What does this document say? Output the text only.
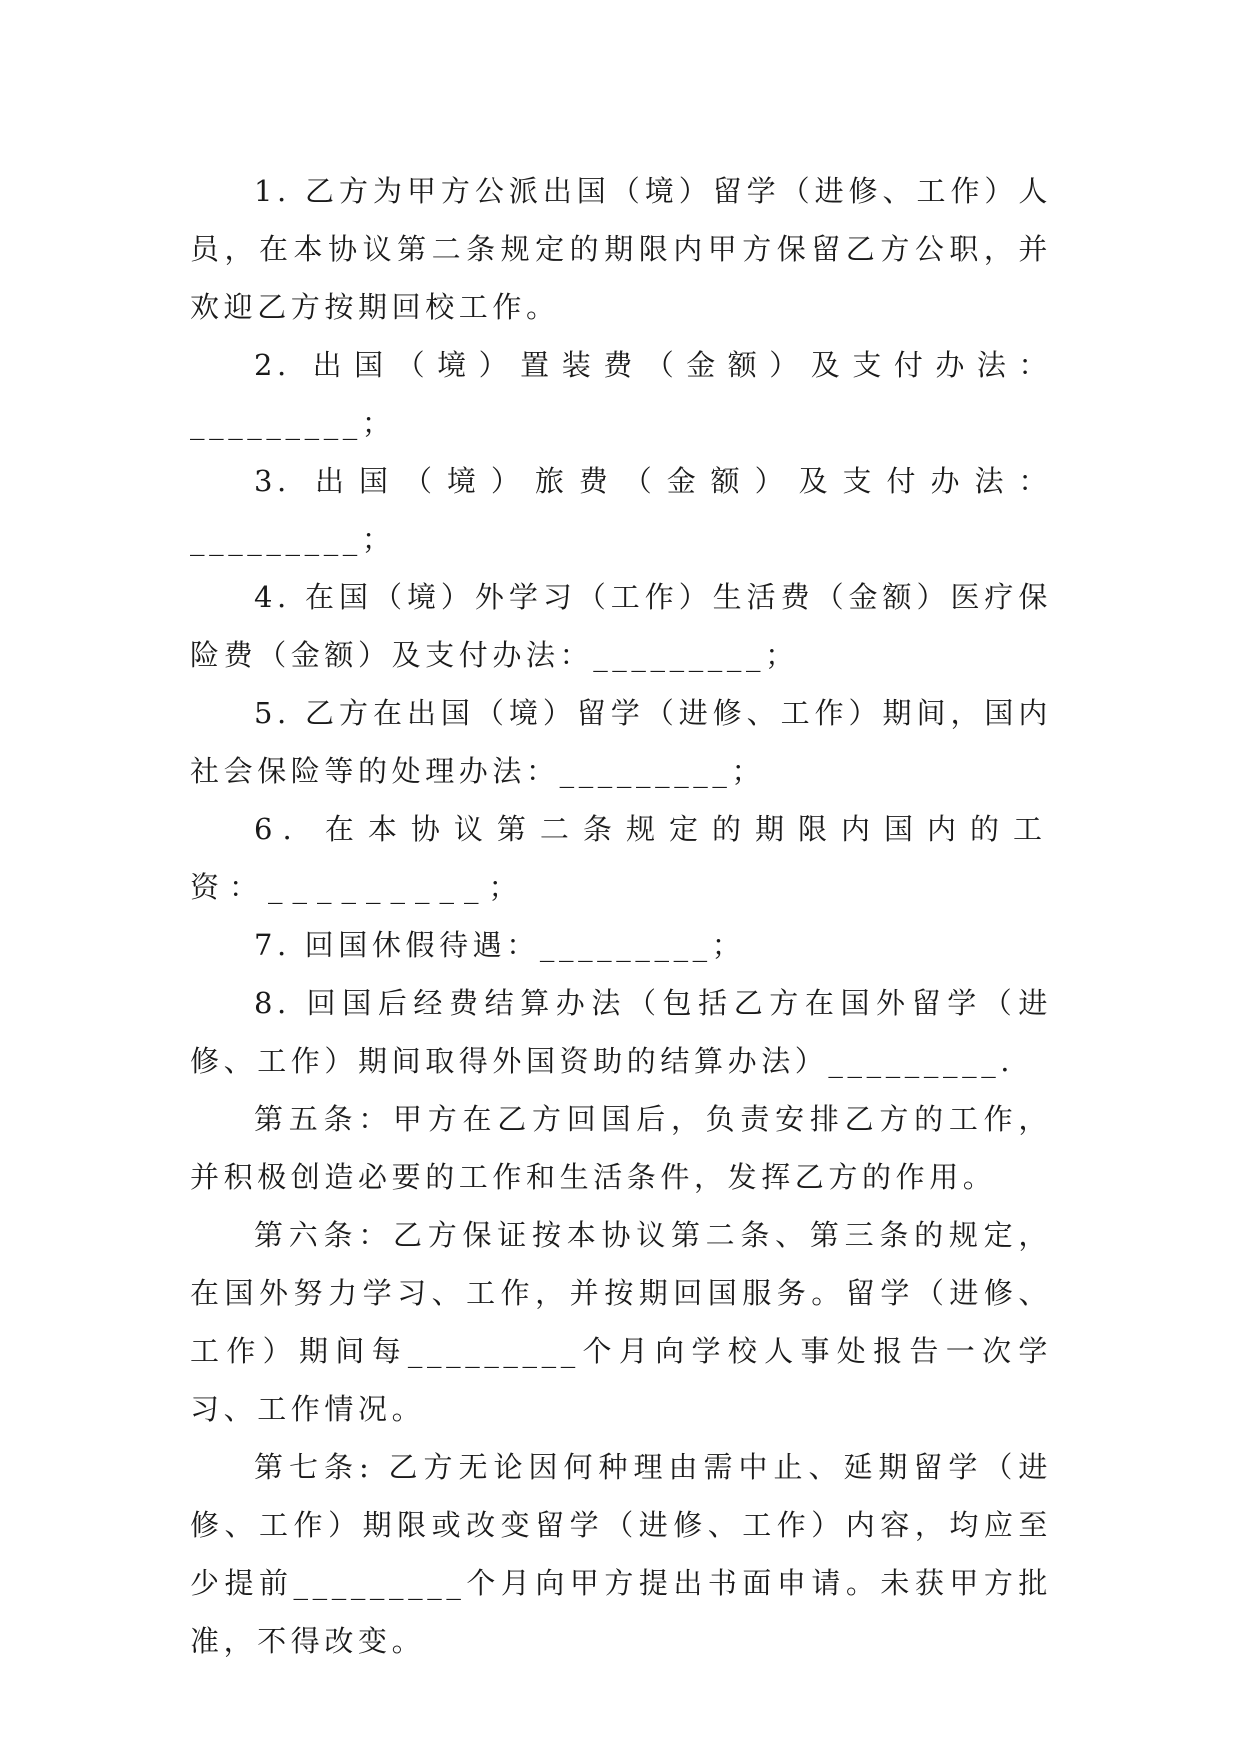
1. 乙方为甲方公派出国（境）留学（进修、工作）人员，在本协议第二条规定的期限内甲方保留乙方公职，并欢迎乙方按期回校工作。

2. 出国（境）置装费（金额）及支付办法：_________；

3. 出国（境）旅费（金额）及支付办法：_________；

4. 在国（境）外学习（工作）生活费（金额）医疗保险费（金额）及支付办法：_________；

5. 乙方在出国（境）留学（进修、工作）期间，国内社会保险等的处理办法：_________；

6. 在本协议第二条规定的期限内国内的工资：_________；

7. 回国休假待遇：_________；

8. 回国后经费结算办法（包括乙方在国外留学（进修、工作）期间取得外国资助的结算办法）_________.

第五条：甲方在乙方回国后，负责安排乙方的工作，并积极创造必要的工作和生活条件，发挥乙方的作用。

第六条：乙方保证按本协议第二条、第三条的规定，在国外努力学习、工作，并按期回国服务。留学（进修、工作）期间每_________个月向学校人事处报告一次学习、工作情况。

第七条: 乙方无论因何种理由需中止、延期留学（进修、工作）期限或改变留学（进修、工作）内容，均应至少提前_________个月向甲方提出书面申请。未获甲方批准，不得改变。
